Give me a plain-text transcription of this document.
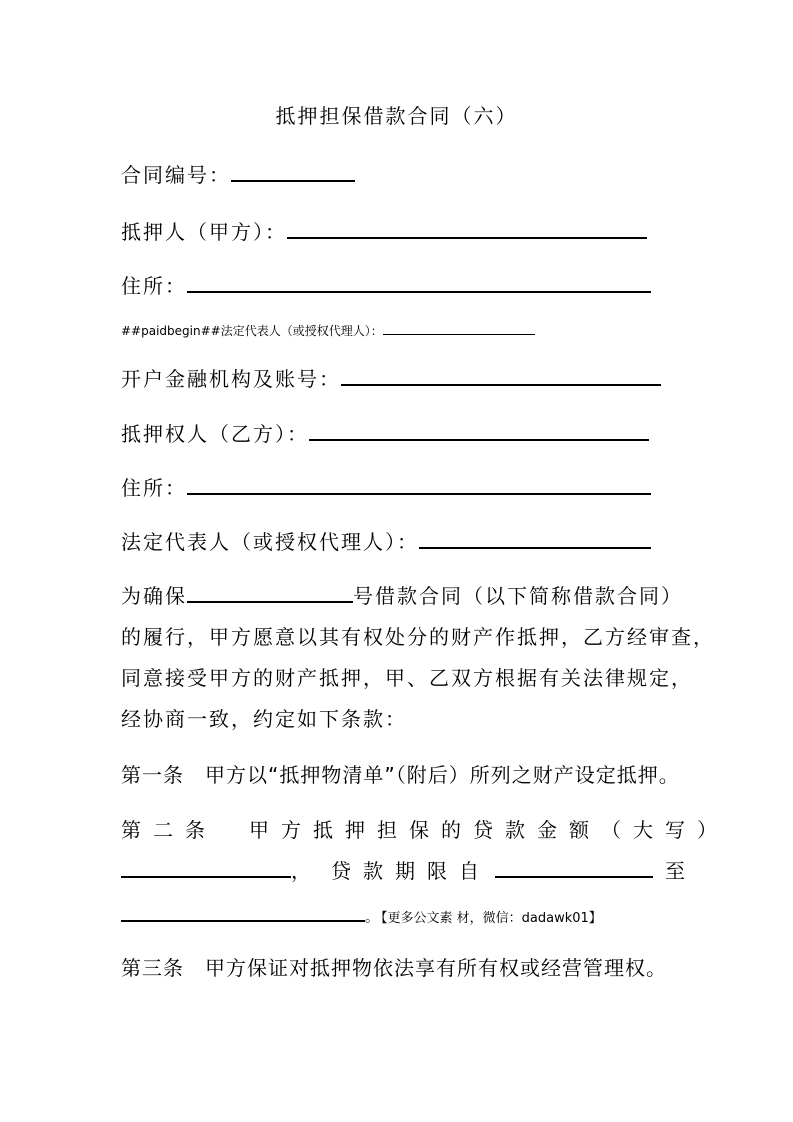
抵押担保借款合同（六）
合同编号：
抵押人（甲方）：
住所：
##paidbegin##法定代表人（或授权代理人）：
开户金融机构及账号：
抵押权人（乙方）：
住所：
法定代表人（或授权代理人）：
为确保	号借款合同（以下简称借款合同）
的履行，甲方愿意以其有权处分的财产作抵押，乙方经审查，
同意接受甲方的财产抵押，甲、乙双方根据有关法律规定，
经协商一致，约定如下条款：
第一条　甲方以“抵押物清单”（附后）所列之财产设定抵押。
第二条　甲方抵押担保的贷款金额（大写）
， 贷款期限自	至
。【更多公文素 材，微信：dadawk01】
第三条　甲方保证对抵押物依法享有所有权或经营管理权。
